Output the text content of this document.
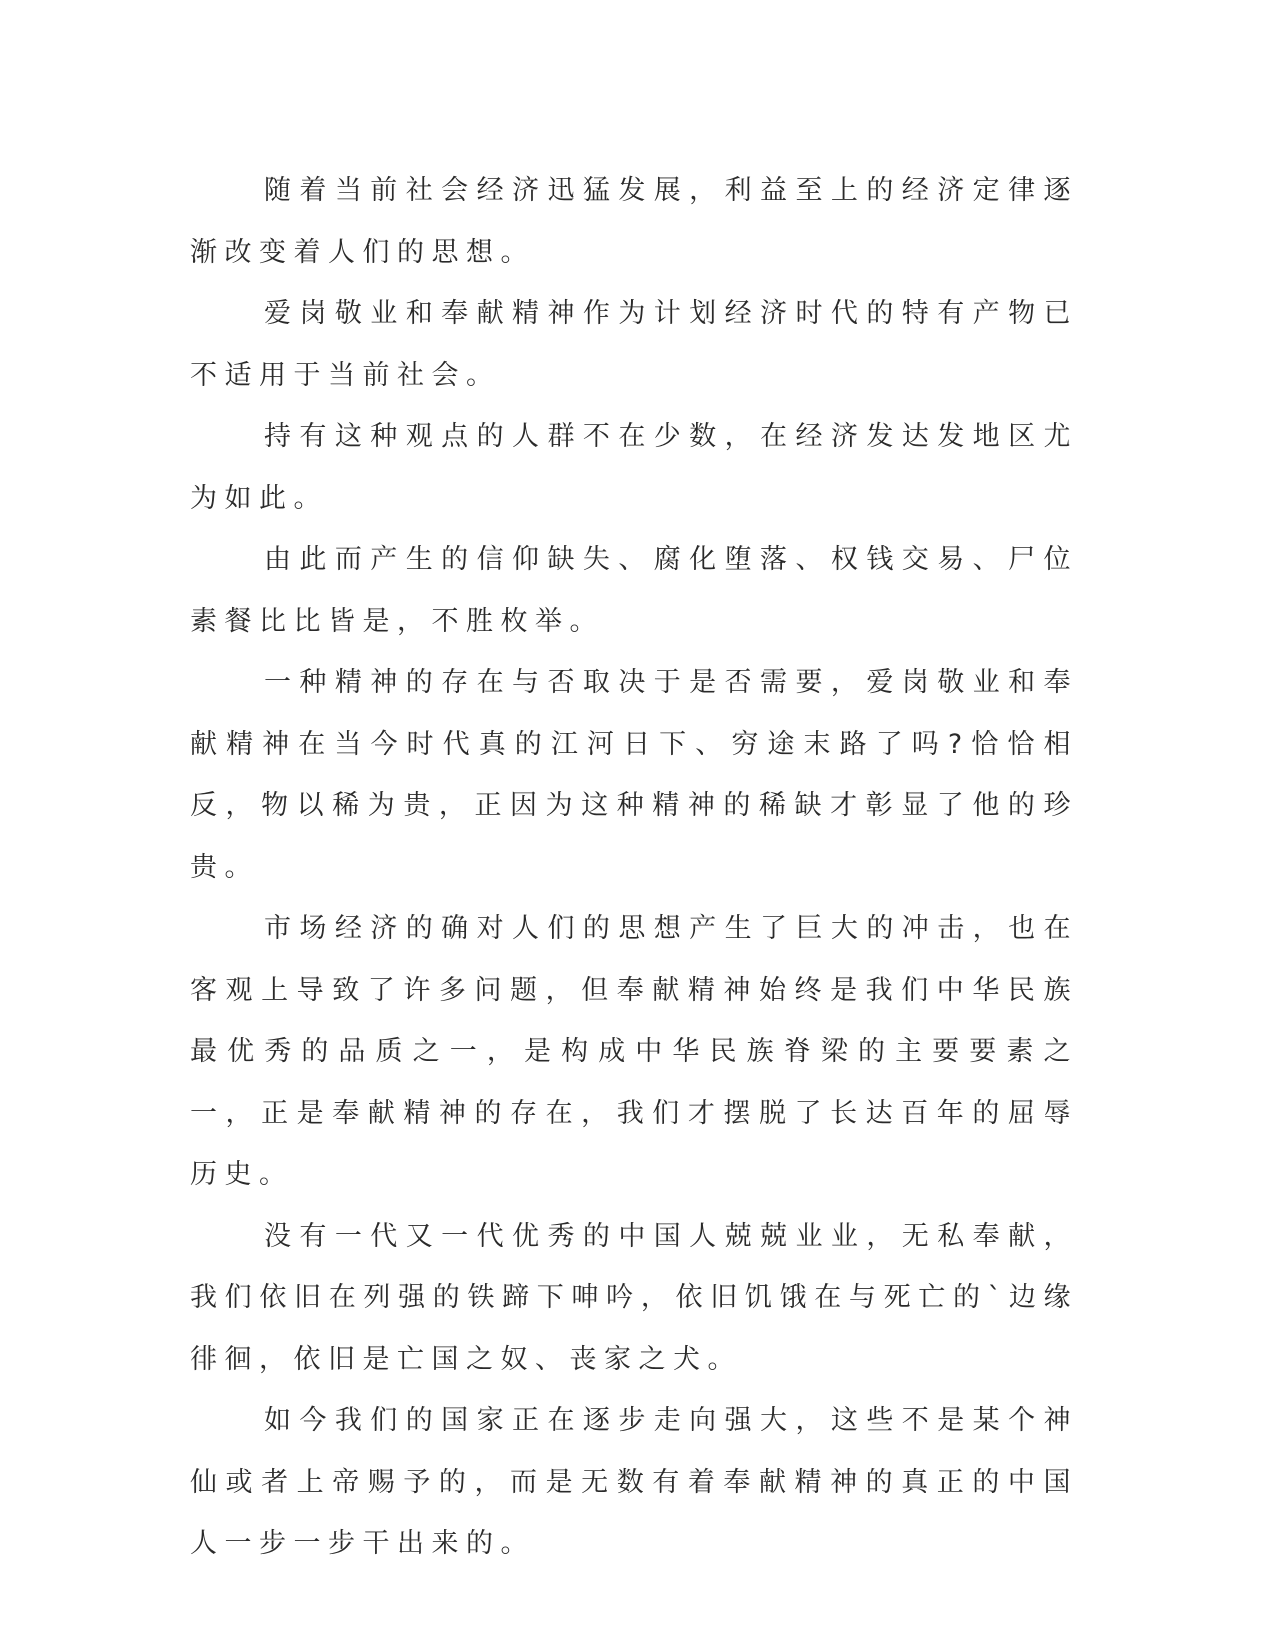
随着当前社会经济迅猛发展，利益至上的经济定律逐渐改变着人们的思想。

爱岗敬业和奉献精神作为计划经济时代的特有产物已不适用于当前社会。

持有这种观点的人群不在少数，在经济发达发地区尤为如此。

由此而产生的信仰缺失、腐化堕落、权钱交易、尸位素餐比比皆是，不胜枚举。

一种精神的存在与否取决于是否需要，爱岗敬业和奉献精神在当今时代真的江河日下、穷途末路了吗?恰恰相反，物以稀为贵，正因为这种精神的稀缺才彰显了他的珍贵。

市场经济的确对人们的思想产生了巨大的冲击，也在客观上导致了许多问题，但奉献精神始终是我们中华民族最优秀的品质之一，是构成中华民族脊梁的主要要素之一，正是奉献精神的存在，我们才摆脱了长达百年的屈辱历史。

没有一代又一代优秀的中国人兢兢业业，无私奉献，我们依旧在列强的铁蹄下呻吟，依旧饥饿在与死亡的`边缘徘徊，依旧是亡国之奴、丧家之犬。

如今我们的国家正在逐步走向强大，这些不是某个神仙或者上帝赐予的，而是无数有着奉献精神的真正的中国人一步一步干出来的。
